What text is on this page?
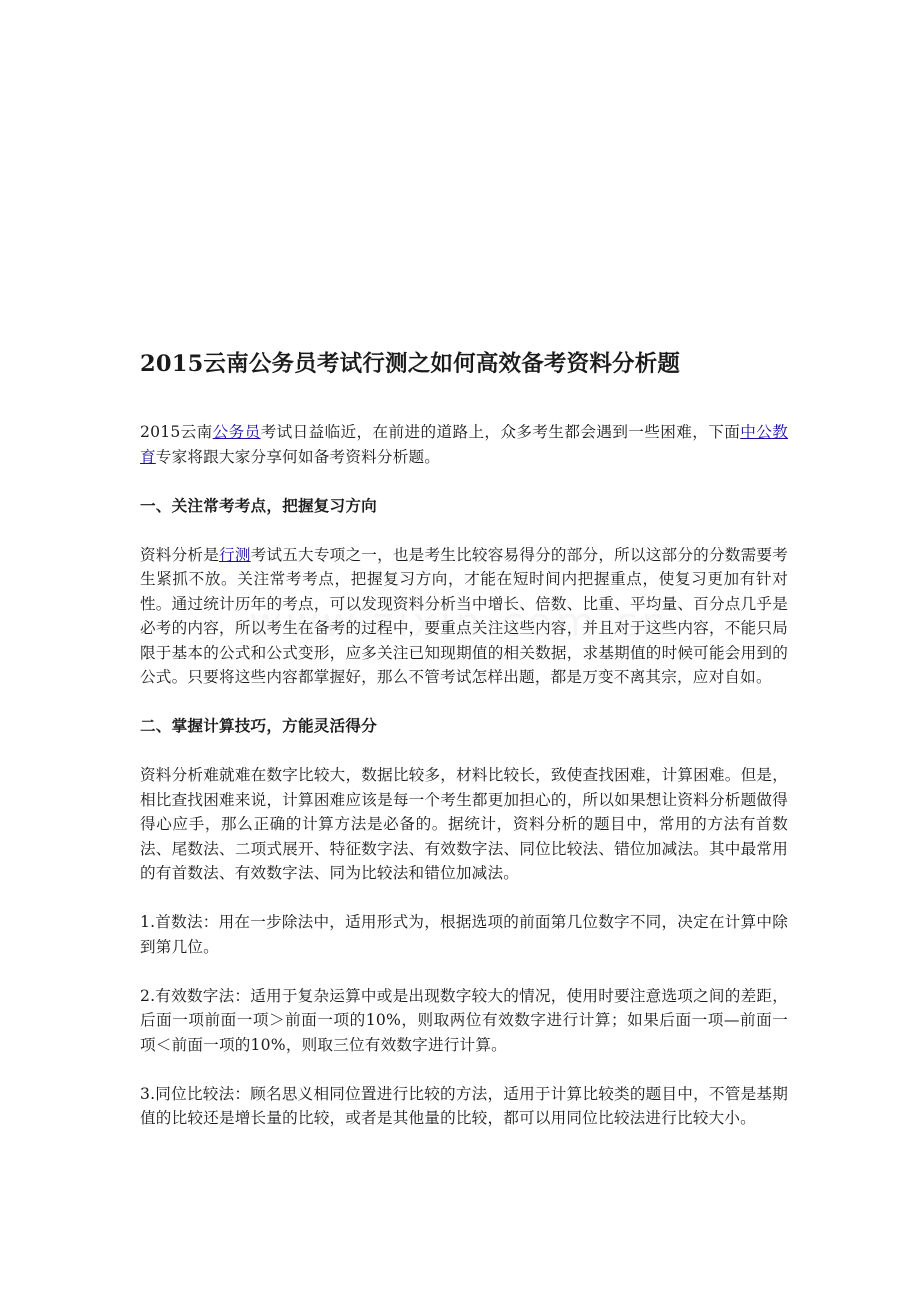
2015云南公务员考试行测之如何高效备考资料分析题

2015云南公务员考试日益临近，在前进的道路上，众多考生都会遇到一些困难，下面中公教育专家将跟大家分享何如备考资料分析题。

一、关注常考考点，把握复习方向

资料分析是行测考试五大专项之一，也是考生比较容易得分的部分，所以这部分的分数需要考生紧抓不放。关注常考考点，把握复习方向，才能在短时间内把握重点，使复习更加有针对性。通过统计历年的考点，可以发现资料分析当中增长、倍数、比重、平均量、百分点几乎是必考的内容，所以考生在备考的过程中，要重点关注这些内容，并且对于这些内容，不能只局限于基本的公式和公式变形，应多关注已知现期值的相关数据，求基期值的时候可能会用到的公式。只要将这些内容都掌握好，那么不管考试怎样出题，都是万变不离其宗，应对自如。

二、掌握计算技巧，方能灵活得分

资料分析难就难在数字比较大，数据比较多，材料比较长，致使查找困难，计算困难。但是，相比查找困难来说，计算困难应该是每一个考生都更加担心的，所以如果想让资料分析题做得得心应手，那么正确的计算方法是必备的。据统计，资料分析的题目中，常用的方法有首数法、尾数法、二项式展开、特征数字法、有效数字法、同位比较法、错位加减法。其中最常用的有首数法、有效数字法、同为比较法和错位加减法。

1.首数法：用在一步除法中，适用形式为，根据选项的前面第几位数字不同，决定在计算中除到第几位。

2.有效数字法：适用于复杂运算中或是出现数字较大的情况，使用时要注意选项之间的差距，后面一项前面一项＞前面一项的10%，则取两位有效数字进行计算；如果后面一项—前面一项＜前面一项的10%，则取三位有效数字进行计算。

3.同位比较法：顾名思义相同位置进行比较的方法，适用于计算比较类的题目中，不管是基期值的比较还是增长量的比较，或者是其他量的比较，都可以用同位比较法进行比较大小。
